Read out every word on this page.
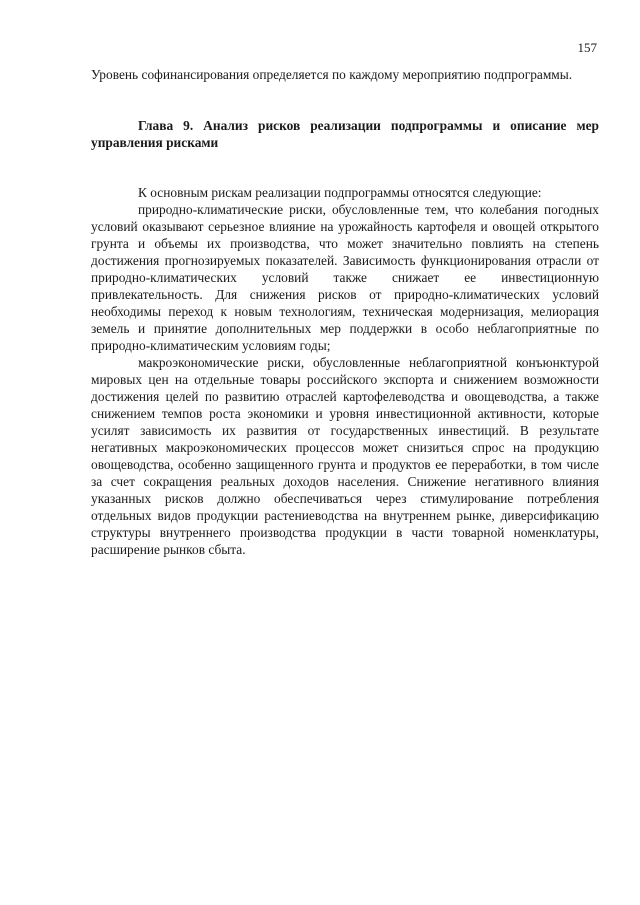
157

Уровень софинансирования определяется по каждому мероприятию подпрограммы.

Глава 9. Анализ рисков реализации подпрограммы и описание мер управления рисками

К основным рискам реализации подпрограммы относятся следующие:

природно-климатические риски, обусловленные тем, что колебания погодных условий оказывают серьезное влияние на урожайность картофеля и овощей открытого грунта и объемы их производства, что может значительно повлиять на степень достижения прогнозируемых показателей. Зависимость функционирования отрасли от природно-климатических условий также снижает ее инвестиционную привлекательность. Для снижения рисков от природно-климатических условий необходимы переход к новым технологиям, техническая модернизация, мелиорация земель и принятие дополнительных мер поддержки в особо неблагоприятные по природно-климатическим условиям годы;

макроэкономические риски, обусловленные неблагоприятной конъюнктурой мировых цен на отдельные товары российского экспорта и снижением возможности достижения целей по развитию отраслей картофелеводства и овощеводства, а также снижением темпов роста экономики и уровня инвестиционной активности, которые усилят зависимость их развития от государственных инвестиций. В результате негативных макроэкономических процессов может снизиться спрос на продукцию овощеводства, особенно защищенного грунта и продуктов ее переработки, в том числе за счет сокращения реальных доходов населения. Снижение негативного влияния указанных рисков должно обеспечиваться через стимулирование потребления отдельных видов продукции растениеводства на внутреннем рынке, диверсификацию структуры внутреннего производства продукции в части товарной номенклатуры, расширение рынков сбыта.
